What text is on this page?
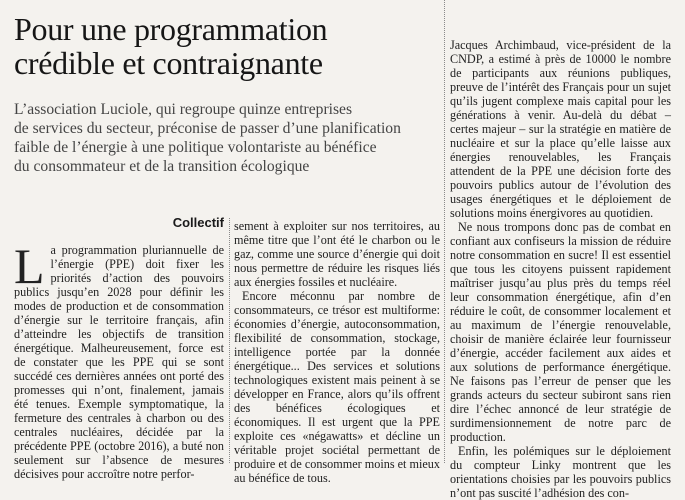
Pour une programmation
crédible et contraignante

L’association Luciole, qui regroupe quinze entreprises
de services du secteur, préconise de passer d’une planification
faible de l’énergie à une politique volontariste au bénéfice
du consommateur et de la transition écologique

Collectif

La programmation pluriannuelle de l’énergie (PPE) doit fixer les priorités d’action des pouvoirs publics jusqu’en 2028 pour définir les modes de production et de consommation d’énergie sur le territoire français, afin d’atteindre les objectifs de transition énergétique. Malheureusement, force est de constater que les PPE qui se sont succédé ces dernières années ont porté des promesses qui n’ont, finalement, jamais été tenues. Exemple symptomatique, la fermeture des centrales à charbon ou des centrales nucléaires, décidée par la précédente PPE (octobre 2016), a buté non seulement sur l’absence de mesures décisives pour accroître notre perfor-

sement à exploiter sur nos territoires, au même titre que l’ont été le charbon ou le gaz, comme une source d’énergie qui doit nous permettre de réduire les risques liés aux énergies fossiles et nucléaire.

Encore méconnu par nombre de consommateurs, ce trésor est multiforme: économies d’énergie, autoconsommation, flexibilité de consommation, stockage, intelligence portée par la donnée énergétique... Des services et solutions technologiques existent mais peinent à se développer en France, alors qu’ils offrent des bénéfices écologiques et économiques. Il est urgent que la PPE exploite ces «négawatts» et décline un véritable projet sociétal permettant de produire et de consommer moins et mieux au bénéfice de tous.

Jacques Archimbaud, vice-président de la CNDP, a estimé à près de 10000 le nombre de participants aux réunions publiques, preuve de l’intérêt des Français pour un sujet qu’ils jugent complexe mais capital pour les générations à venir. Au-delà du débat – certes majeur – sur la stratégie en matière de nucléaire et sur la place qu’elle laisse aux énergies renouvelables, les Français attendent de la PPE une décision forte des pouvoirs publics autour de l’évolution des usages énergétiques et le déploiement de solutions moins énergivores au quotidien.

Ne nous trompons donc pas de combat en confiant aux confiseurs la mission de réduire notre consommation en sucre! Il est essentiel que tous les citoyens puissent rapidement maîtriser jusqu’au plus près du temps réel leur consommation énergétique, afin d’en réduire le coût, de consommer localement et au maximum de l’énergie renouvelable, choisir de manière éclairée leur fournisseur d’énergie, accéder facilement aux aides et aux solutions de performance énergétique. Ne faisons pas l’erreur de penser que les grands acteurs du secteur subiront sans rien dire l’échec annoncé de leur stratégie de surdimensionnement de notre parc de production.

Enfin, les polémiques sur le déploiement du compteur Linky montrent que les orientations choisies par les pouvoirs publics n’ont pas suscité l’adhésion des con-
